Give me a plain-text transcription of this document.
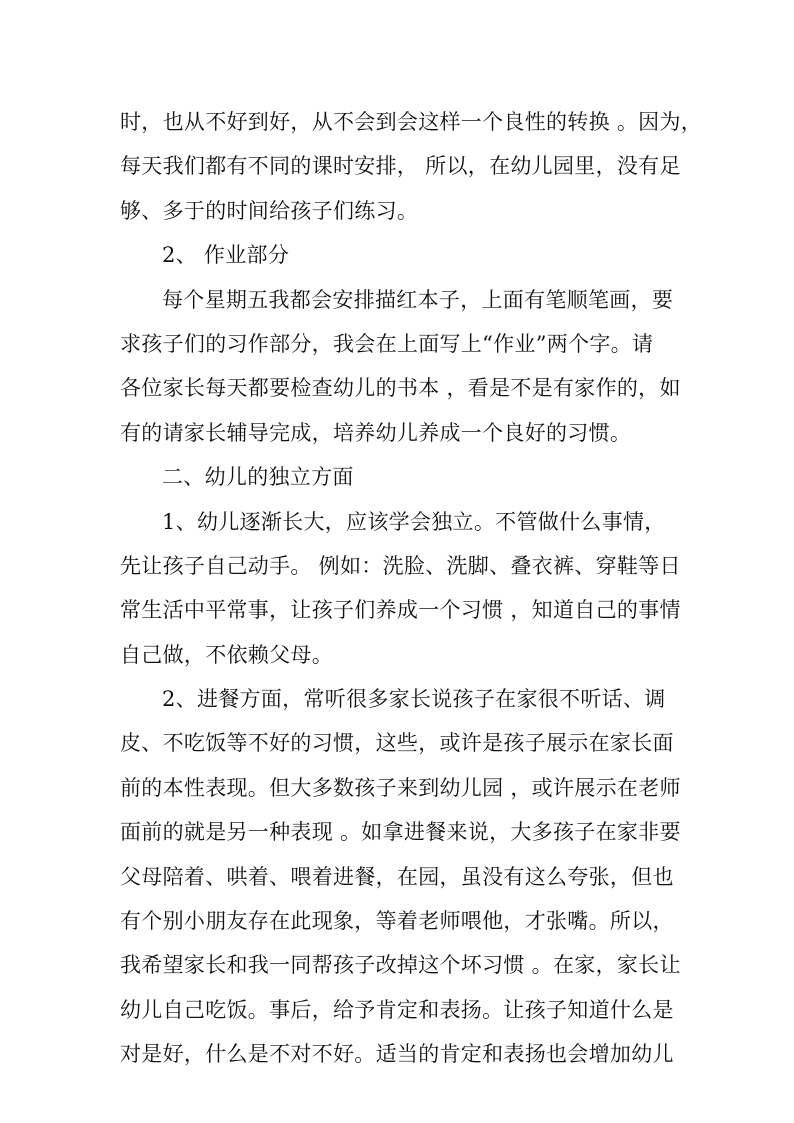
时，也从不好到好，从不会到会这样一个良性的转换 。因为，
每天我们都有不同的课时安排， 所以，在幼儿园里，没有足
够、多于的时间给孩子们练习。
2、 作业部分
每个星期五我都会安排描红本子，上面有笔顺笔画，要
求孩子们的习作部分，我会在上面写上“作业”两个字。请
各位家长每天都要检查幼儿的书本 ，看是不是有家作的，如
有的请家长辅导完成，培养幼儿养成一个良好的习惯。
二、幼儿的独立方面
1、幼儿逐渐长大，应该学会独立。不管做什么事情，
先让孩子自己动手。 例如：洗脸、洗脚、叠衣裤、穿鞋等日
常生活中平常事，让孩子们养成一个习惯 ，知道自己的事情
自己做，不依赖父母。
2、进餐方面，常听很多家长说孩子在家很不听话、调
皮、不吃饭等不好的习惯，这些，或许是孩子展示在家长面
前的本性表现。但大多数孩子来到幼儿园 ，或许展示在老师
面前的就是另一种表现 。如拿进餐来说，大多孩子在家非要
父母陪着、哄着、喂着进餐，在园，虽没有这么夸张，但也
有个别小朋友存在此现象，等着老师喂他，才张嘴。所以，
我希望家长和我一同帮孩子改掉这个坏习惯 。在家，家长让
幼儿自己吃饭。事后，给予肯定和表扬。让孩子知道什么是
对是好，什么是不对不好。适当的肯定和表扬也会增加幼儿
